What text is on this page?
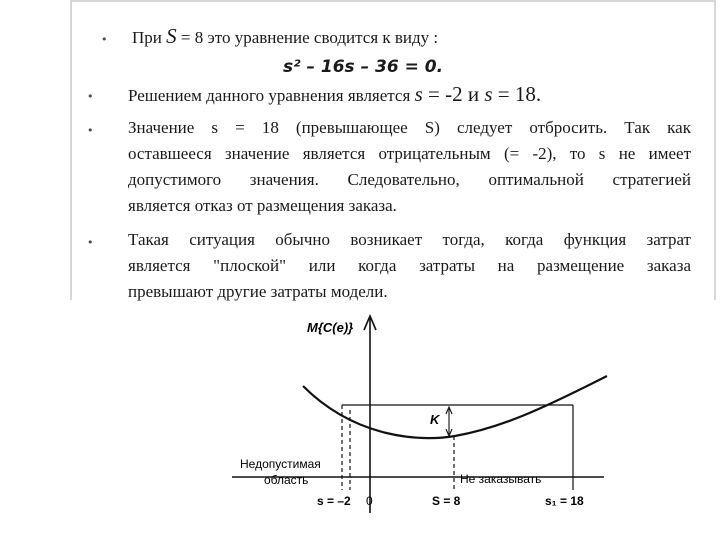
• При S = 8 это уравнение сводится к виду :
s² – 16s – 36 = 0.
• Решением данного уравнения является s = -2 и s = 18.
• Значение s = 18 (превышающее S) следует отбросить. Так как
оставшееся значение является отрицательным (= -2), то s не имеет
допустимого значения. Следовательно, оптимальной стратегией
является отказ от размещения заказа.
• Такая ситуация обычно возникает тогда, когда функция затрат
является "плоской" или когда затраты на размещение заказа
превышают другие затраты модели.
M{C(e)}
K
Недопустимая
область	Не заказывать
s = –2 0	S = 8	s₁ = 18
